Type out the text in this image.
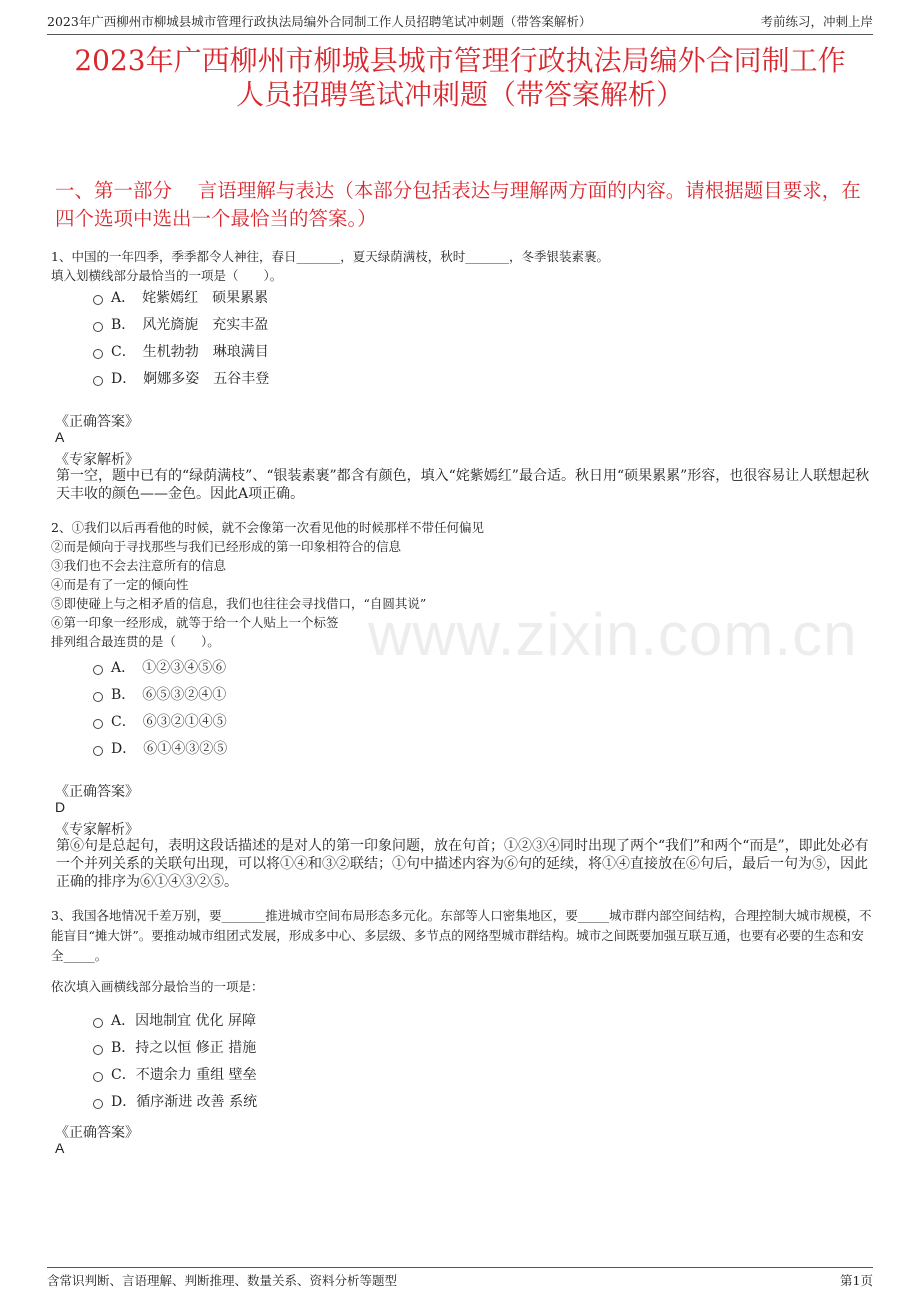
2023年广西柳州市柳城县城市管理行政执法局编外合同制工作人员招聘笔试冲刺题（带答案解析）	考前练习，冲刺上岸
2023年广西柳州市柳城县城市管理行政执法局编外合同制工作
人员招聘笔试冲刺题（带答案解析）
一、第一部分　 言语理解与表达（本部分包括表达与理解两方面的内容。请根据题目要求，在四个选项中选出一个最恰当的答案。）
1、中国的一年四季，季季都令人神往，春日_______，夏天绿荫满枝，秋时_______，冬季银装素裹。
填入划横线部分最恰当的一项是（　　）。
A．　姹紫嫣红　硕果累累
B．　风光旖旎　充实丰盈
C．　生机勃勃　琳琅满目
D．　婀娜多姿　五谷丰登
《正确答案》
A
《专家解析》
第一空，题中已有的“绿荫满枝”、“银装素裹”都含有颜色，填入“姹紫嫣红”最合适。秋日用“硕果累累”形容，也很容易让人联想起秋天丰收的颜色——金色。因此A项正确。
2、①我们以后再看他的时候，就不会像第一次看见他的时候那样不带任何偏见
②而是倾向于寻找那些与我们已经形成的第一印象相符合的信息
③我们也不会去注意所有的信息
④而是有了一定的倾向性
⑤即使碰上与之相矛盾的信息，我们也往往会寻找借口，“自圆其说”
⑥第一印象一经形成，就等于给一个人贴上一个标签
排列组合最连贯的是（　　）。
A．　①②③④⑤⑥
B．　⑥⑤③②④①
C．　⑥③②①④⑤
D．　⑥①④③②⑤
《正确答案》
D
《专家解析》
第⑥句是总起句，表明这段话描述的是对人的第一印象问题，放在句首；①②③④同时出现了两个“我们”和两个“而是”，即此处必有一个并列关系的关联句出现，可以将①④和③②联结；①句中描述内容为⑥句的延续，将①④直接放在⑥句后，最后一句为⑤，因此正确的排序为⑥①④③②⑤。
3、我国各地情况千差万别，要_______推进城市空间布局形态多元化。东部等人口密集地区，要_____城市群内部空间结构，合理控制大城市规模，不能盲目“摊大饼”。要推动城市组团式发展，形成多中心、多层级、多节点的网络型城市群结构。城市之间既要加强互联互通，也要有必要的生态和安全_____。
依次填入画横线部分最恰当的一项是：
A．因地制宜 优化 屏障
B．持之以恒 修正 措施
C．不遗余力 重组 壁垒
D．循序渐进 改善 系统
《正确答案》
A
www.zixin.com.cn
含常识判断、言语理解、判断推理、数量关系、资料分析等题型	第1页
